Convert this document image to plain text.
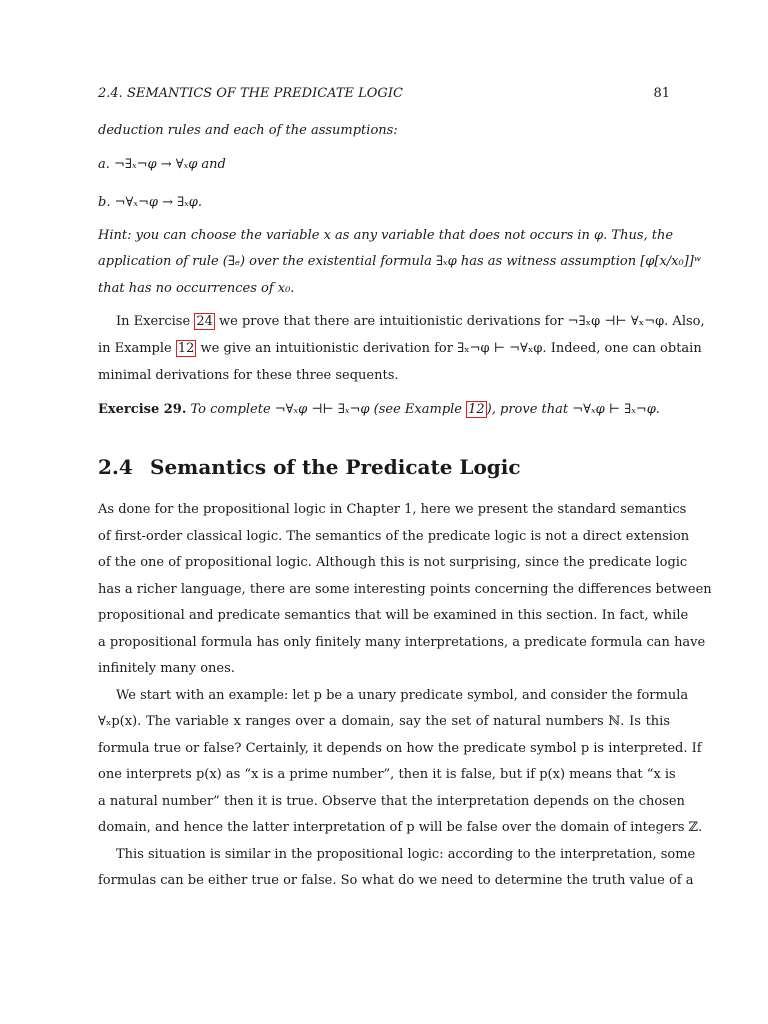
2.4. SEMANTICS OF THE PREDICATE LOGIC	81
deduction rules and each of the assumptions:
a. ¬∃ₓ¬φ → ∀ₓφ and
b. ¬∀ₓ¬φ → ∃ₓφ.
Hint: you can choose the variable x as any variable that does not occurs in φ. Thus, the
application of rule (∃ₑ) over the existential formula ∃ₓφ has as witness assumption [φ[x/x₀]]ʷ
that has no occurrences of x₀.
In Exercise 24 we prove that there are intuitionistic derivations for ¬∃ₓφ ⊣⊢ ∀ₓ¬φ. Also,
in Example 12 we give an intuitionistic derivation for ∃ₓ¬φ ⊢ ¬∀ₓφ. Indeed, one can obtain
minimal derivations for these three sequents.
Exercise 29. To complete ¬∀ₓφ ⊣⊢ ∃ₓ¬φ (see Example 12 ), prove that ¬∀ₓφ ⊢ ∃ₓ¬φ.
2.4 Semantics of the Predicate Logic
As done for the propositional logic in Chapter 1, here we present the standard semantics
of first-order classical logic. The semantics of the predicate logic is not a direct extension
of the one of propositional logic. Although this is not surprising, since the predicate logic
has a richer language, there are some interesting points concerning the differences between
propositional and predicate semantics that will be examined in this section. In fact, while
a propositional formula has only finitely many interpretations, a predicate formula can have
infinitely many ones.
We start with an example: let p be a unary predicate symbol, and consider the formula
∀ₓp(x). The variable x ranges over a domain, say the set of natural numbers ℕ. Is this
formula true or false? Certainly, it depends on how the predicate symbol p is interpreted. If
one interprets p(x) as “x is a prime number”, then it is false, but if p(x) means that “x is
a natural number” then it is true. Observe that the interpretation depends on the chosen
domain, and hence the latter interpretation of p will be false over the domain of integers ℤ.
This situation is similar in the propositional logic: according to the interpretation, some
formulas can be either true or false. So what do we need to determine the truth value of a
